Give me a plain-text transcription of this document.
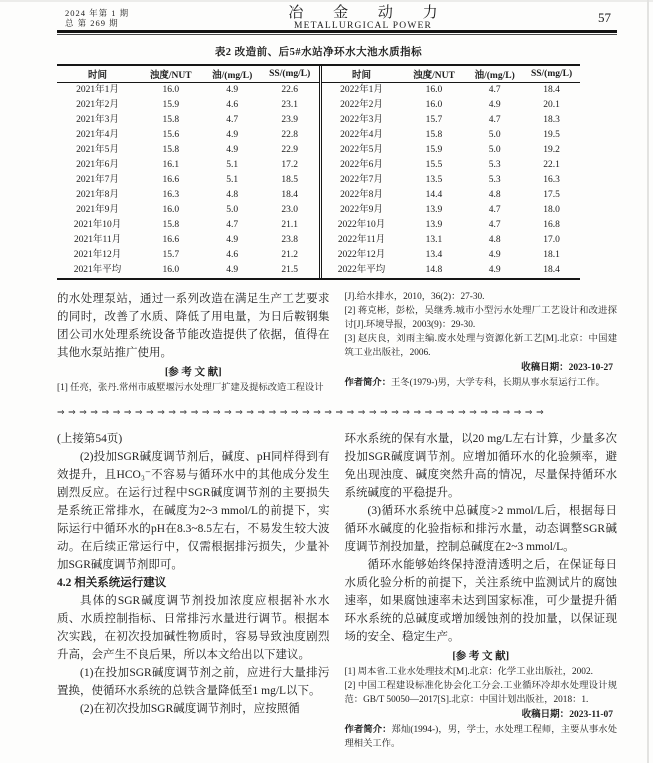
2024 年第 1 期
总 第 269 期
冶 金 动 力
METALLURGICAL POWER
57
表2 改造前、后5#水站净环水大池水质指标
时间	浊度/NUT	油/(mg/L)	SS/(mg/L)
2021年1月	16.0	4.9	22.6
2021年2月	15.9	4.6	23.1
2021年3月	15.8	4.7	23.9
2021年4月	15.6	4.9	22.8
2021年5月	15.8	4.9	22.9
2021年6月	16.1	5.1	17.2
2021年7月	16.6	5.1	18.5
2021年8月	16.3	4.8	18.4
2021年9月	16.0	5.0	23.0
2021年10月	15.8	4.7	21.1
2021年11月	16.6	4.9	23.8
2021年12月	15.7	4.6	21.2
2021年平均	16.0	4.9	21.5
时间	浊度/NUT	油/(mg/L)	SS/(mg/L)
2022年1月	16.0	4.7	18.4
2022年2月	16.0	4.9	20.1
2022年3月	15.7	4.7	18.3
2022年4月	15.8	5.0	19.5
2022年5月	15.9	5.0	19.2
2022年6月	15.5	5.3	22.1
2022年7月	13.5	5.3	16.3
2022年8月	14.4	4.8	17.5
2022年9月	13.9	4.7	18.0
2022年10月	13.9	4.7	16.8
2022年11月	13.1	4.8	17.0
2022年12月	13.4	4.9	18.1
2022年平均	14.8	4.9	18.4
的水处理泵站，通过一系列改造在满足生产工艺要求的同时，改善了水质、降低了用电量，为日后鞍钢集团公司水处理系统设备节能改造提供了依据，值得在其他水泵站推广使用。
[参 考 文 献]
[1] 任亮，张丹.常州市戚墅堰污水处理厂扩建及提标改造工程设计
[J].给水排水，2010，36(2)：27-30.
[2] 蒋克彬，彭松，吴继秀.城市小型污水处理厂工艺设计和改进探讨[J].环境导报，2003(9)：29-30.
[3] 赵庆良，刘雨主编.废水处理与资源化新工艺[M].北京：中国建筑工业出版社，2006.
收稿日期：2023-10-27
作者简介：王冬(1979-)男，大学专科，长期从事水泵运行工作。
⇒⇒⇒⇒⇒⇒⇒⇒⇒⇒⇒⇒⇒⇒⇒⇒⇒⇒⇒⇒⇒⇒⇒⇒⇒⇒⇒⇒⇒⇒⇒⇒⇒⇒⇒⇒⇒⇒⇒⇒⇒⇒⇒⇒
(上接第54页)
(2)投加SGR碱度调节剂后，碱度、pH同样得到有效提升，且HCO₃⁻不容易与循环水中的其他成分发生剧烈反应。在运行过程中SGR碱度调节剂的主要损失是系统正常排水，在碱度为2~3 mmol/L的前提下，实际运行中循环水的pH在8.3~8.5左右，不易发生较大波动。在后续正常运行中，仅需根据排污损失，少量补加SGR碱度调节剂即可。
4.2 相关系统运行建议
具体的SGR碱度调节剂投加浓度应根据补水水质、水质控制指标、日常排污水量进行调节。根据本次实践，在初次投加碱性物质时，容易导致浊度剧烈升高，会产生不良后果，所以本文给出以下建议。
(1)在投加SGR碱度调节剂之前，应进行大量排污置换，使循环水系统的总铁含量降低至1 mg/L以下。
(2)在初次投加SGR碱度调节剂时，应按照循
环水系统的保有水量，以20 mg/L左右计算，少量多次投加SGR碱度调节剂。应增加循环水的化验频率，避免出现浊度、碱度突然升高的情况，尽量保持循环水系统碱度的平稳提升。
(3)循环水系统中总碱度>2 mmol/L后，根据每日循环水碱度的化验指标和排污水量，动态调整SGR碱度调节剂投加量，控制总碱度在2~3 mmol/L。
循环水能够始终保持澄清透明之后，在保证每日水质化验分析的前提下，关注系统中监测试片的腐蚀速率，如果腐蚀速率未达到国家标准，可少量提升循环水系统的总碱度或增加缓蚀剂的投加量，以保证现场的安全、稳定生产。
[参 考 文 献]
[1] 周本省.工业水处理技术[M].北京：化学工业出版社，2002.
[2] 中国工程建设标准化协会化工分会.工业循环冷却水处理设计规范：GB/T 50050—2017[S].北京：中国计划出版社，2018：1.
收稿日期：2023-11-07
作者简介：郑灿(1994-)，男，学士，水处理工程师，主要从事水处理相关工作。
